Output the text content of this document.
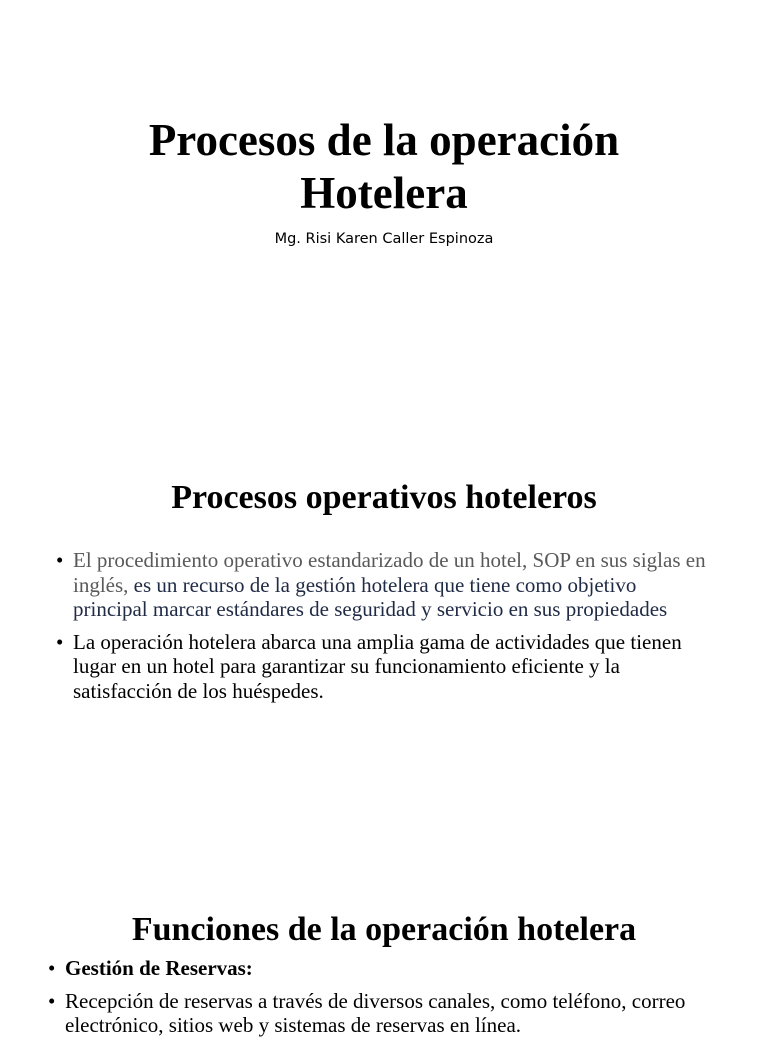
Procesos de la operación
Hotelera
Mg. Risi Karen Caller Espinoza
Procesos operativos hoteleros
• El procedimiento operativo estandarizado de un hotel, SOP en sus siglas en inglés, es un recurso de la gestión hotelera que tiene como objetivo principal marcar estándares de seguridad y servicio en sus propiedades
• La operación hotelera abarca una amplia gama de actividades que tienen lugar en un hotel para garantizar su funcionamiento eficiente y la satisfacción de los huéspedes.
Funciones de la operación hotelera
• Gestión de Reservas:
• Recepción de reservas a través de diversos canales, como teléfono, correo electrónico, sitios web y sistemas de reservas en línea.
